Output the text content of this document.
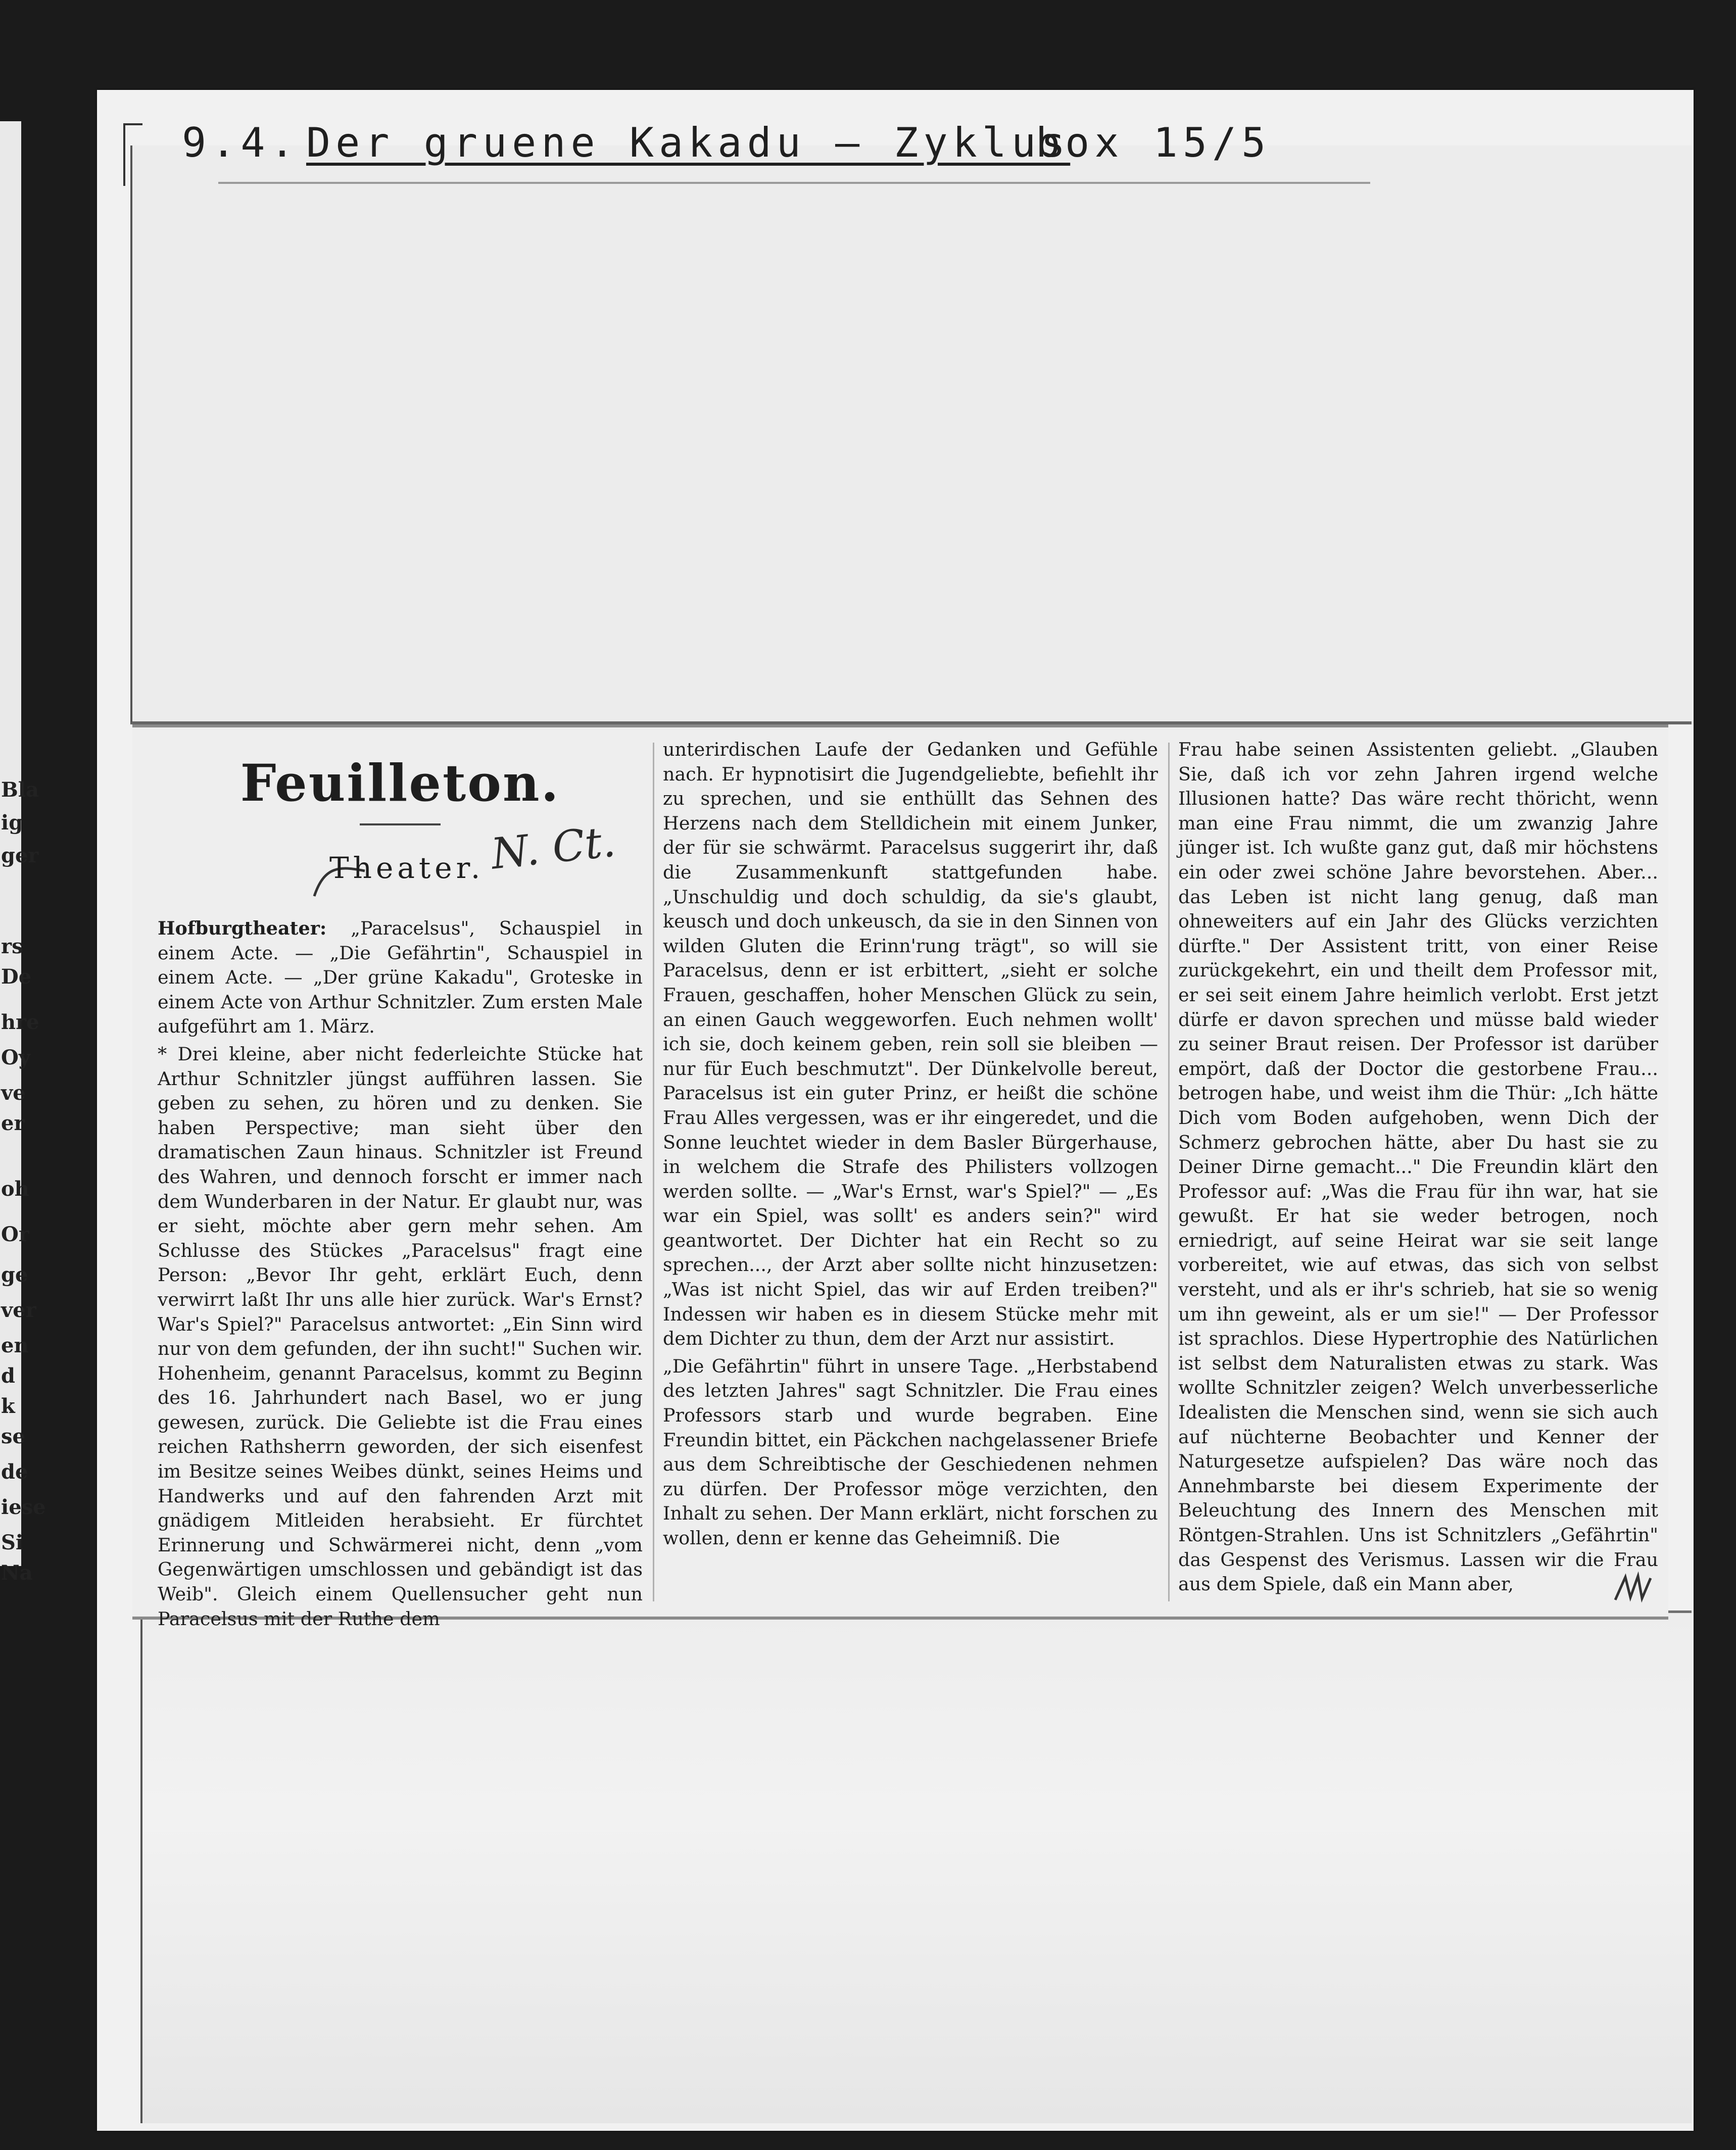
Bla
ig
ger
rs
De
hre
Oy
ve
er
oh
Or
ge
ver
en
d
k
se
de
iese
Si
Na
9.4. Der gruene Kakadu – Zyklus
box 15/5
Feuilleton.
Theater. N. Ct.

Hofburgtheater: „Paracelsus", Schauspiel in einem Acte. — „Die Gefährtin", Schauspiel in einem Acte. — „Der grüne Kakadu", Groteske in einem Acte von Arthur Schnitzler. Zum ersten Male aufgeführt am 1. März.

* Drei kleine, aber nicht federleichte Stücke hat Arthur Schnitzler jüngst aufführen lassen. Sie geben zu sehen, zu hören und zu denken. Sie haben Perspective; man sieht über den dramatischen Zaun hinaus. Schnitzler ist Freund des Wahren, und dennoch forscht er immer nach dem Wunderbaren in der Natur. Er glaubt nur, was er sieht, möchte aber gern mehr sehen. Am Schlusse des Stückes „Paracelsus" fragt eine Person: „Bevor Ihr geht, erklärt Euch, denn verwirrt laßt Ihr uns alle hier zurück. War's Ernst? War's Spiel?" Paracelsus antwortet: „Ein Sinn wird nur von dem gefunden, der ihn sucht!" Suchen wir. Hohenheim, genannt Paracelsus, kommt zu Beginn des 16. Jahrhundert nach Basel, wo er jung gewesen, zurück. Die Geliebte ist die Frau eines reichen Rathsherrn geworden, der sich eisenfest im Besitze seines Weibes dünkt, seines Heims und Handwerks und auf den fahrenden Arzt mit gnädigem Mitleiden herabsieht. Er fürchtet Erinnerung und Schwärmerei nicht, denn „vom Gegenwärtigen umschlossen und gebändigt ist das Weib". Gleich einem Quellensucher geht nun Paracelsus mit der Ruthe dem

unterirdischen Laufe der Gedanken und Gefühle nach. Er hypnotisirt die Jugendgeliebte, befiehlt ihr zu sprechen, und sie enthüllt das Sehnen des Herzens nach dem Stelldichein mit einem Junker, der für sie schwärmt. Paracelsus suggerirt ihr, daß die Zusammenkunft stattgefunden habe. „Unschuldig und doch schuldig, da sie's glaubt, keusch und doch unkeusch, da sie in den Sinnen von wilden Gluten die Erinn'rung trägt", so will sie Paracelsus, denn er ist erbittert, „sieht er solche Frauen, geschaffen, hoher Menschen Glück zu sein, an einen Gauch weggeworfen. Euch nehmen wollt' ich sie, doch keinem geben, rein soll sie bleiben — nur für Euch beschmutzt". Der Dünkelvolle bereut, Paracelsus ist ein guter Prinz, er heißt die schöne Frau Alles vergessen, was er ihr eingeredet, und die Sonne leuchtet wieder in dem Basler Bürgerhause, in welchem die Strafe des Philisters vollzogen werden sollte. — „War's Ernst, war's Spiel?" — „Es war ein Spiel, was sollt' es anders sein?" wird geantwortet. Der Dichter hat ein Recht so zu sprechen..., der Arzt aber sollte nicht hinzusetzen: „Was ist nicht Spiel, das wir auf Erden treiben?" Indessen wir haben es in diesem Stücke mehr mit dem Dichter zu thun, dem der Arzt nur assistirt.

„Die Gefährtin" führt in unsere Tage. „Herbstabend des letzten Jahres" sagt Schnitzler. Die Frau eines Professors starb und wurde begraben. Eine Freundin bittet, ein Päckchen nachgelassener Briefe aus dem Schreibtische der Geschiedenen nehmen zu dürfen. Der Professor möge verzichten, den Inhalt zu sehen. Der Mann erklärt, nicht forschen zu wollen, denn er kenne das Geheimniß. Die

Frau habe seinen Assistenten geliebt. „Glauben Sie, daß ich vor zehn Jahren irgend welche Illusionen hatte? Das wäre recht thöricht, wenn man eine Frau nimmt, die um zwanzig Jahre jünger ist. Ich wußte ganz gut, daß mir höchstens ein oder zwei schöne Jahre bevorstehen. Aber... das Leben ist nicht lang genug, daß man ohneweiters auf ein Jahr des Glücks verzichten dürfte." Der Assistent tritt, von einer Reise zurückgekehrt, ein und theilt dem Professor mit, er sei seit einem Jahre heimlich verlobt. Erst jetzt dürfe er davon sprechen und müsse bald wieder zu seiner Braut reisen. Der Professor ist darüber empört, daß der Doctor die gestorbene Frau... betrogen habe, und weist ihm die Thür: „Ich hätte Dich vom Boden aufgehoben, wenn Dich der Schmerz gebrochen hätte, aber Du hast sie zu Deiner Dirne gemacht..." Die Freundin klärt den Professor auf: „Was die Frau für ihn war, hat sie gewußt. Er hat sie weder betrogen, noch erniedrigt, auf seine Heirat war sie seit lange vorbereitet, wie auf etwas, das sich von selbst versteht, und als er ihr's schrieb, hat sie so wenig um ihn geweint, als er um sie!" — Der Professor ist sprachlos. Diese Hypertrophie des Natürlichen ist selbst dem Naturalisten etwas zu stark. Was wollte Schnitzler zeigen? Welch unverbesserliche Idealisten die Menschen sind, wenn sie sich auch auf nüchterne Beobachter und Kenner der Naturgesetze aufspielen? Das wäre noch das Annehmbarste bei diesem Experimente der Beleuchtung des Innern des Menschen mit Röntgen-Strahlen. Uns ist Schnitzlers „Gefährtin" das Gespenst des Verismus. Lassen wir die Frau aus dem Spiele, daß ein Mann aber,
